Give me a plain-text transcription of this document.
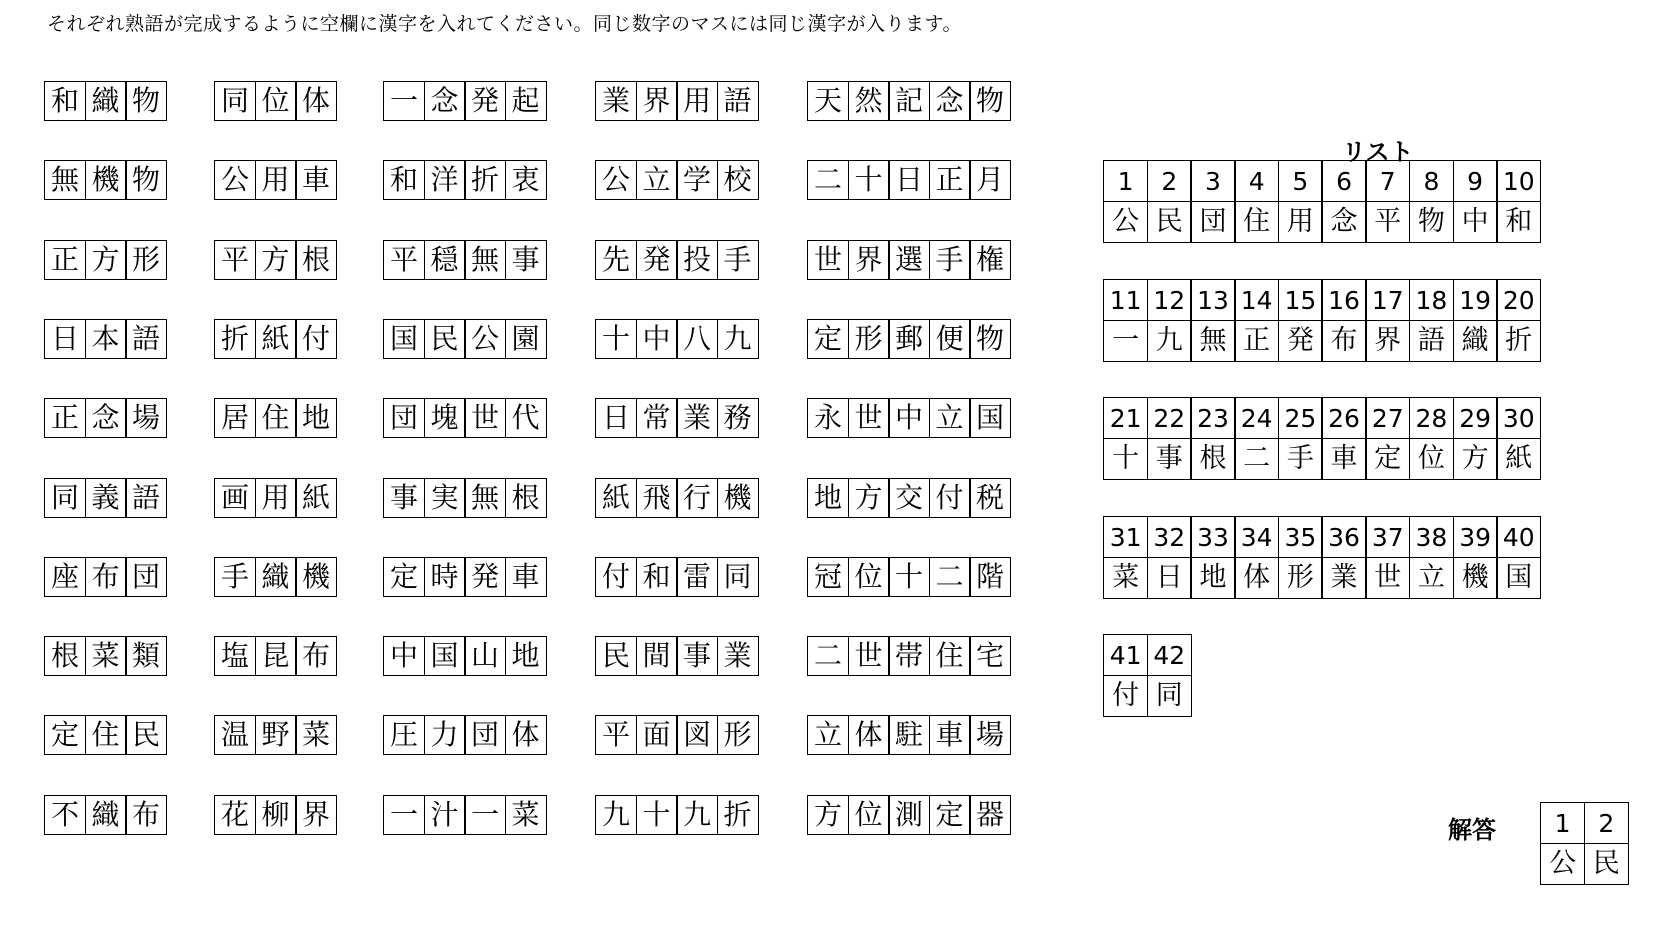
それぞれ熟語が完成するように空欄に漢字を入れてください。同じ数字のマスには同じ漢字が入ります。
和 織 物
無 機 物
正 方 形
日 本 語
正 念 場
同 義 語
座 布 団
根 菜 類
定 住 民
不 織 布
同 位 体
公 用 車
平 方 根
折 紙 付
居 住 地
画 用 紙
手 織 機
塩 昆 布
温 野 菜
花 柳 界
一 念 発 起
和 洋 折 衷
平 穏 無 事
国 民 公 園
団 塊 世 代
事 実 無 根
定 時 発 車
中 国 山 地
圧 力 団 体
一 汁 一 菜
業 界 用 語
公 立 学 校
先 発 投 手
十 中 八 九
日 常 業 務
紙 飛 行 機
付 和 雷 同
民 間 事 業
平 面 図 形
九 十 九 折
天 然 記 念 物
二 十 日 正 月
世 界 選 手 権
定 形 郵 便 物
永 世 中 立 国
地 方 交 付 税
冠 位 十 二 階
二 世 帯 住 宅
立 体 駐 車 場
方 位 測 定 器
リスト
1	2	3	4	5	6	7	8	9 10
公 民 団 住 用 念 平 物 中 和
11 12 13 14 15 16 17 18 19 20
一 九 無 正 発 布 界 語 織 折
21 22 23 24 25 26 27 28 29 30
十 事 根 二 手 車 定 位 方 紙
31 32 33 34 35 36 37 38 39 40
菜 日 地 体 形 業 世 立 機 国
41 42
付 同
解答	1	2
公 民
